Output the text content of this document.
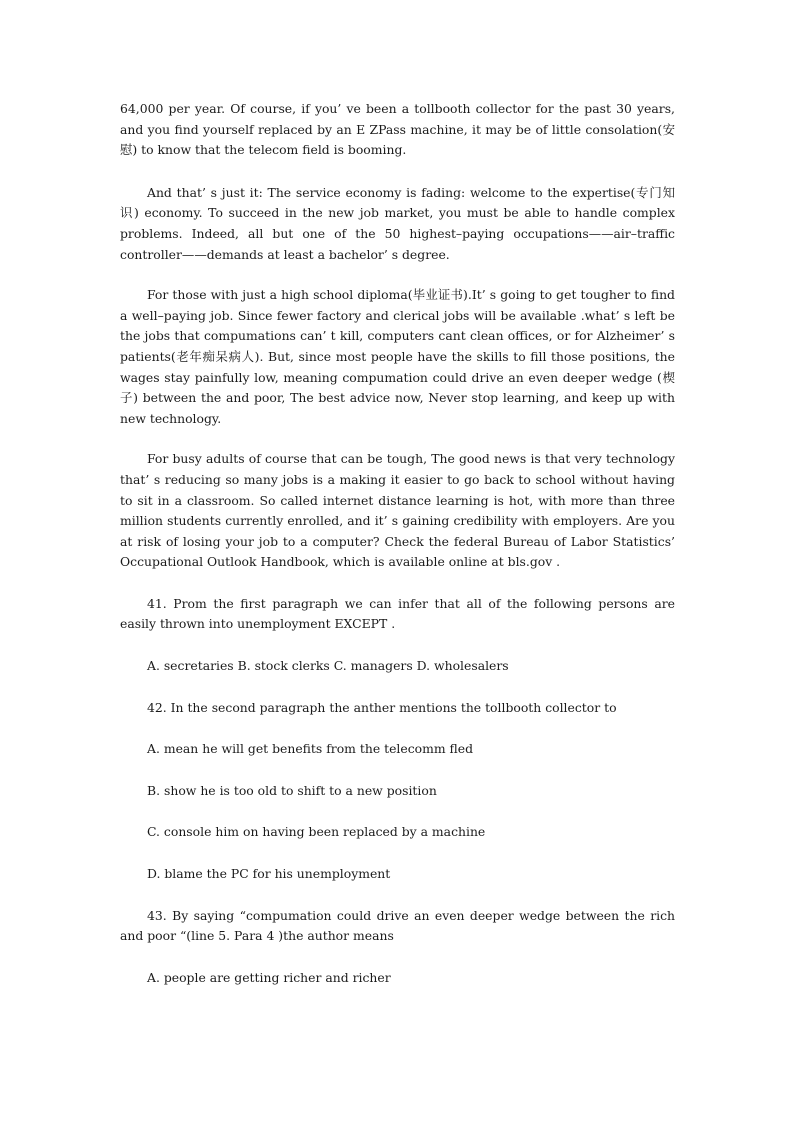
64,000 per year. Of course, if you’ ve been a tollbooth collector for the past 30 years, and you find yourself replaced by an E ZPass machine, it may be of little consolation(安慰) to know that the telecom field is booming.

And that’ s just it: The service economy is fading: welcome to the expertise(专门知识) economy. To succeed in the new job market, you must be able to handle complex problems. Indeed, all but one of the 50 highest–paying occupations——air–traffic controller——demands at least a bachelor’ s degree.

For those with just a high school diploma(毕业证书).It’ s going to get tougher to find a well–paying job. Since fewer factory and clerical jobs will be available .what’ s left be the jobs that compumations can’ t kill, computers cant clean offices, or for Alzheimer’ s patients(老年痴呆病人). But, since most people have the skills to fill those positions, the wages stay painfully low, meaning compumation could drive an even deeper wedge (楔子) between the and poor, The best advice now, Never stop learning, and keep up with new technology.

For busy adults of course that can be tough, The good news is that very technology that’ s reducing so many jobs is a making it easier to go back to school without having to sit in a classroom. So called internet distance learning is hot, with more than three million students currently enrolled, and it’ s gaining credibility with employers. Are you at risk of losing your job to a computer? Check the federal Bureau of Labor Statistics’ Occupational Outlook Handbook, which is available online at bls.gov .

41. Prom the first paragraph we can infer that all of the following persons are easily thrown into unemployment EXCEPT .

A. secretaries B. stock clerks C. managers D. wholesalers

42. In the second paragraph the anther mentions the tollbooth collector to

A. mean he will get benefits from the telecomm fled

B. show he is too old to shift to a new position

C. console him on having been replaced by a machine

D. blame the PC for his unemployment

43. By saying “compumation could drive an even deeper wedge between the rich and poor “(line 5. Para 4 )the author means

A. people are getting richer and richer
